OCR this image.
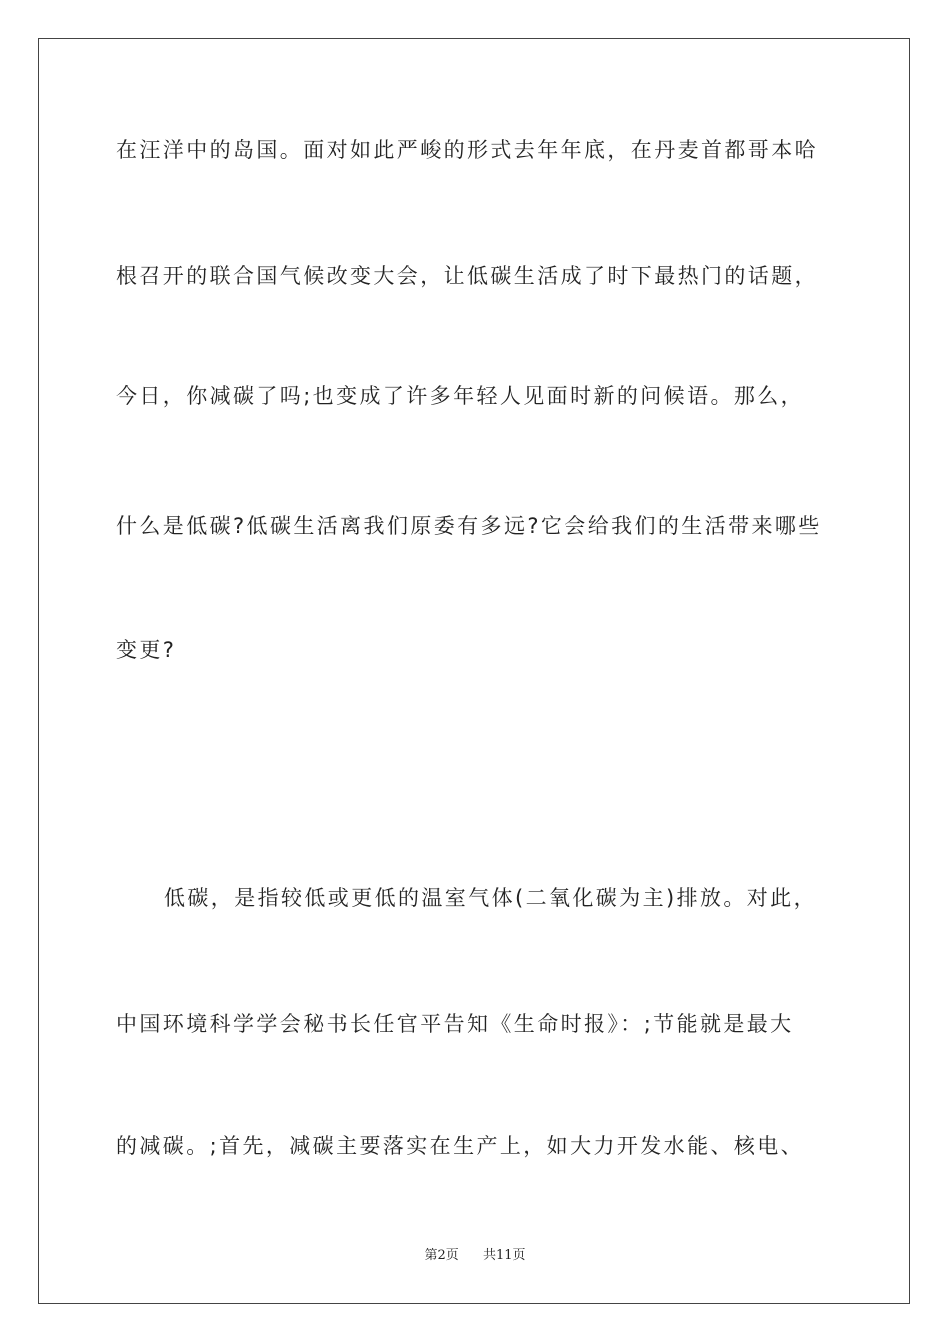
在汪洋中的岛国。面对如此严峻的形式去年年底，在丹麦首都哥本哈
根召开的联合国气候改变大会，让低碳生活成了时下最热门的话题，
今日，你减碳了吗;也变成了许多年轻人见面时新的问候语。那么，
什么是低碳?低碳生活离我们原委有多远?它会给我们的生活带来哪些
变更?
低碳，是指较低或更低的温室气体(二氧化碳为主)排放。对此，
中国环境科学学会秘书长任官平告知《生命时报》：;节能就是最大
的减碳。;首先，减碳主要落实在生产上，如大力开发水能、核电、
第2页 共11页
